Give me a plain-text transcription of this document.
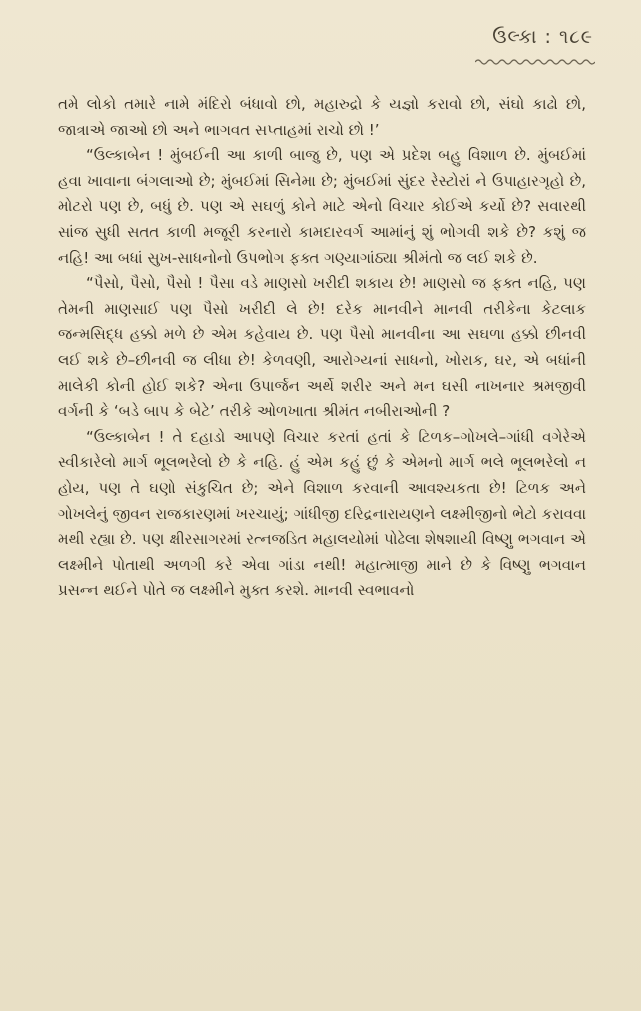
ઉલ્કા : ૧૮૯

તમે લોકો તમારે નામે મંદિરો બંધાવો છો, મહારુદ્રો કે યજ્ઞો કરાવો છો, સંઘો કાઢો છો, જાત્રાએ જાઓ છો અને ભાગવત સપ્તાહમાં રાચો છો !’

“ઉલ્કાબેન ! મુંબઈની આ કાળી બાજુ છે, પણ એ પ્રદેશ બહુ વિશાળ છે. મુંબઈમાં હવા ખાવાના બંગલાઓ છે; મુંબઈમાં સિનેમા છે; મુંબઈમાં સુંદર રેસ્ટોરાં ને ઉપાહારગૃહો છે, મોટરો પણ છે, બધું છે. પણ એ સઘળું કોને માટે એનો વિચાર કોઈએ કર્યો છે? સવારથી સાંજ સુધી સતત કાળી મજૂરી કરનારો કામદારવર્ગ આમાંનું શું ભોગવી શકે છે? કશું જ નહિ! આ બધાં સુખ-સાધનોનો ઉપભોગ ફક્ત ગણ્યાગાંઠ્યા શ્રીમંતો જ લઈ શકે છે.

“પૈસો, પૈસો, પૈસો ! પૈસા વડે માણસો ખરીદી શકાય છે! માણસો જ ફક્ત નહિ, પણ તેમની માણસાઈ પણ પૈસો ખરીદી લે છે! દરેક માનવીને માનવી તરીકેના કેટલાક જન્મસિદ્ધ હક્કો મળે છે એમ કહેવાય છે. પણ પૈસો માનવીના આ સઘળા હક્કો છીનવી લઈ શકે છે–છીનવી જ લીધા છે! કેળવણી, આરોગ્યનાં સાધનો, ખોરાક, ઘર, એ બધાંની માલેકી કોની હોઈ શકે? એના ઉપાર્જન અર્થે શરીર અને મન ઘસી નાખનાર શ્રમજીવી વર્ગની કે ‘બડે બાપ કે બેટે’ તરીકે ઓળખાતા શ્રીમંત નબીરાઓની ?

“ઉલ્કાબેન ! તે દહાડો આપણે વિચાર કરતાં હતાં કે ટિળક–ગોખલે–ગાંધી વગેરેએ સ્વીકારેલો માર્ગ ભૂલભરેલો છે કે નહિ. હું એમ કહું છું કે એમનો માર્ગ ભલે ભૂલભરેલો ન હોય, પણ તે ઘણો સંકુચિત છે; એને વિશાળ કરવાની આવશ્યકતા છે! ટિળક અને ગોખલેનું જીવન રાજકારણમાં ખરચાયું; ગાંધીજી દરિદ્રનારાયણને લક્ષ્મીજીનો ભેટો કરાવવા મથી રહ્યા છે. પણ ક્ષીરસાગરમાં રત્નજડિત મહાલયોમાં પોઢેલા શેષશાયી વિષ્ણુ ભગવાન એ લક્ષ્મીને પોતાથી અળગી કરે એવા ગાંડા નથી! મહાત્માજી માને છે કે વિષ્ણુ ભગવાન પ્રસન્ન થઈને પોતે જ લક્ષ્મીને મુક્ત કરશે. માનવી સ્વભાવનો
